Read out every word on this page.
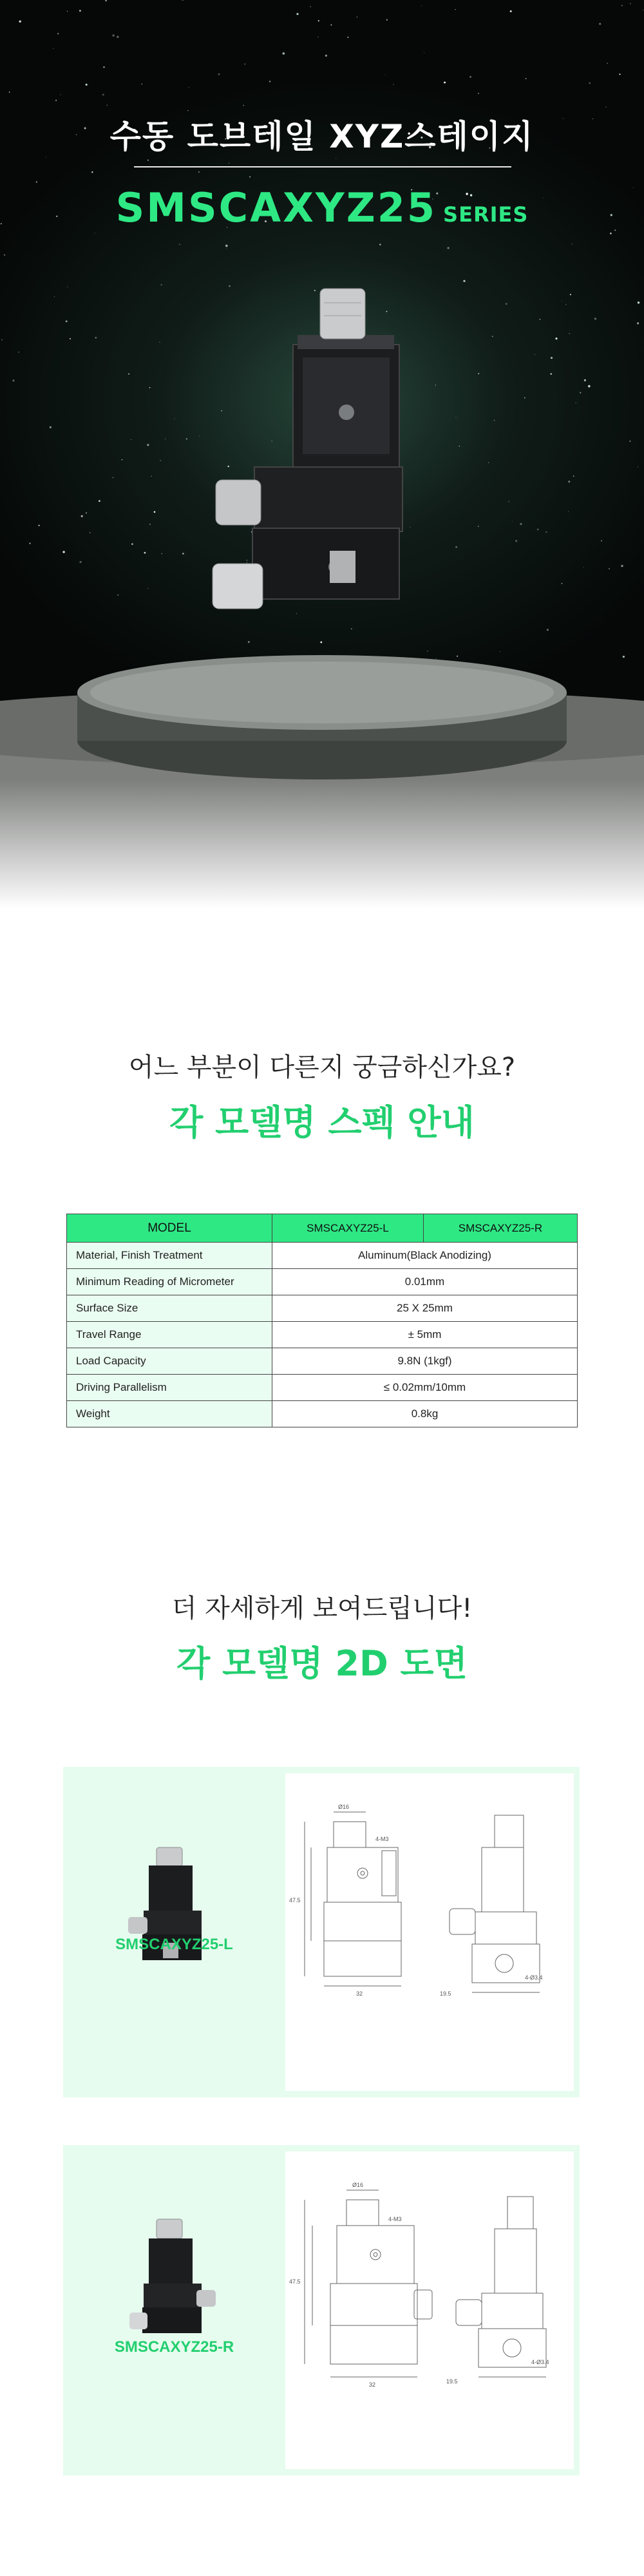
수동 도브테일 XYZ스테이지
SMSCAXYZ25 SERIES
어느 부분이 다른지 궁금하신가요?
각 모델명 스펙 안내
MODEL	SMSCAXYZ25-L	SMSCAXYZ25-R
Material, Finish Treatment	Aluminum(Black Anodizing)	
Minimum Reading of Micrometer	0.01mm	
Surface Size	25 X 25mm	
Travel Range	± 5mm	
Load Capacity	9.8N (1kgf)	
Driving Parallelism	≤ 0.02mm/10mm	
Weight	0.8kg	
더 자세하게 보여드립니다!
각 모델명 2D 도면
SMSCAXYZ25-L
Ø16
4-M3
47.5
32	19.5
4-Ø3.4
SMSCAXYZ25-R
Ø16
4-M3
47.5
32	19.5
4-Ø3.4
